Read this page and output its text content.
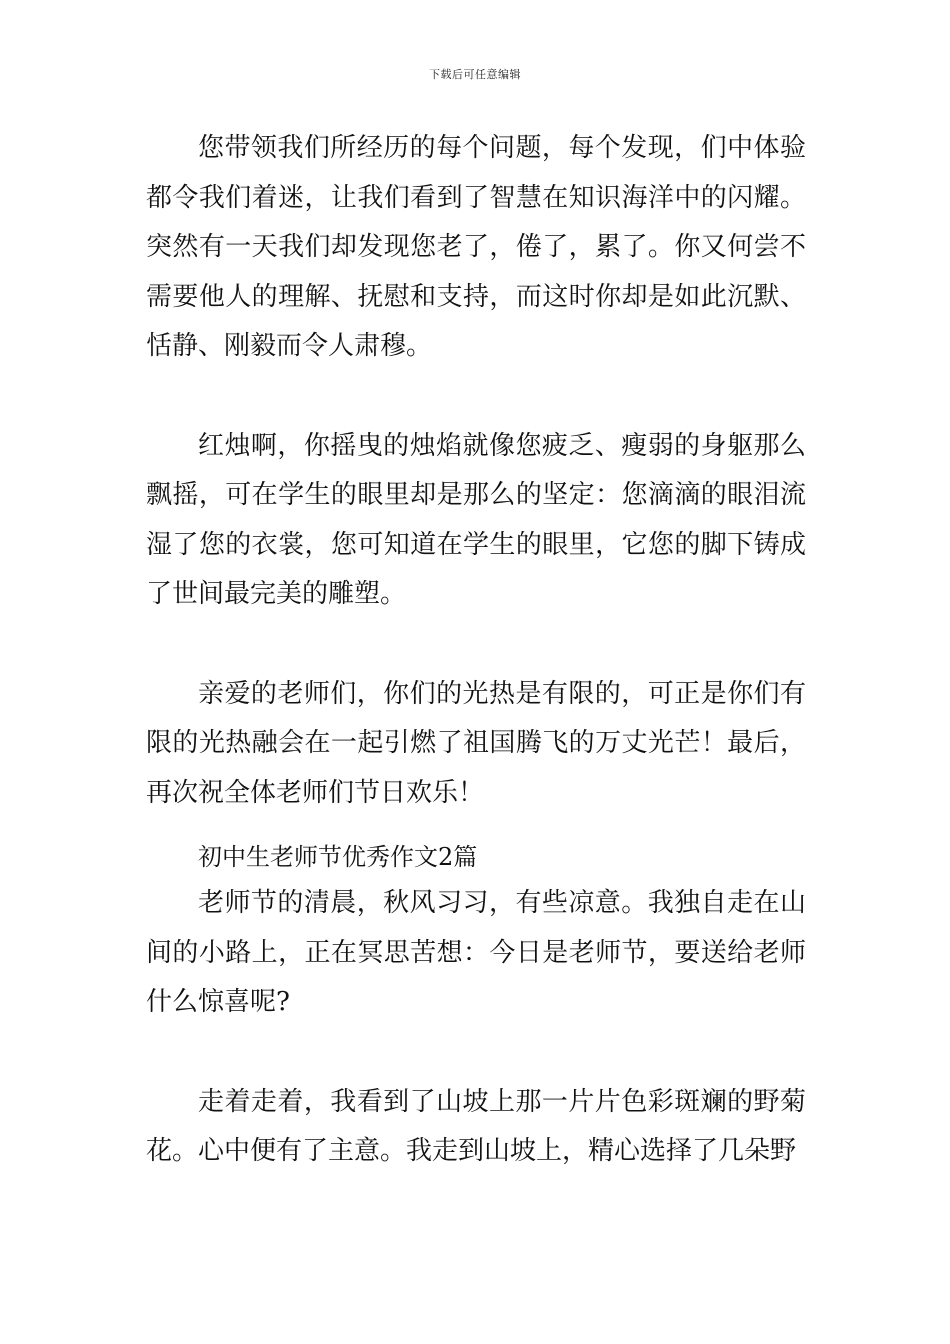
下载后可任意编辑

您带领我们所经历的每个问题，每个发现，们中体验都令我们着迷，让我们看到了智慧在知识海洋中的闪耀。突然有一天我们却发现您老了，倦了，累了。你又何尝不需要他人的理解、抚慰和支持，而这时你却是如此沉默、恬静、刚毅而令人肃穆。

红烛啊，你摇曳的烛焰就像您疲乏、瘦弱的身躯那么飘摇，可在学生的眼里却是那么的坚定：您滴滴的眼泪流湿了您的衣裳，您可知道在学生的眼里，它您的脚下铸成了世间最完美的雕塑。

亲爱的老师们，你们的光热是有限的，可正是你们有限的光热融会在一起引燃了祖国腾飞的万丈光芒！最后，再次祝全体老师们节日欢乐！

初中生老师节优秀作文2篇

老师节的清晨，秋风习习，有些凉意。我独自走在山间的小路上，正在冥思苦想：今日是老师节，要送给老师什么惊喜呢?

走着走着，我看到了山坡上那一片片色彩斑斓的野菊花。心中便有了主意。我走到山坡上，精心选择了几朵野
